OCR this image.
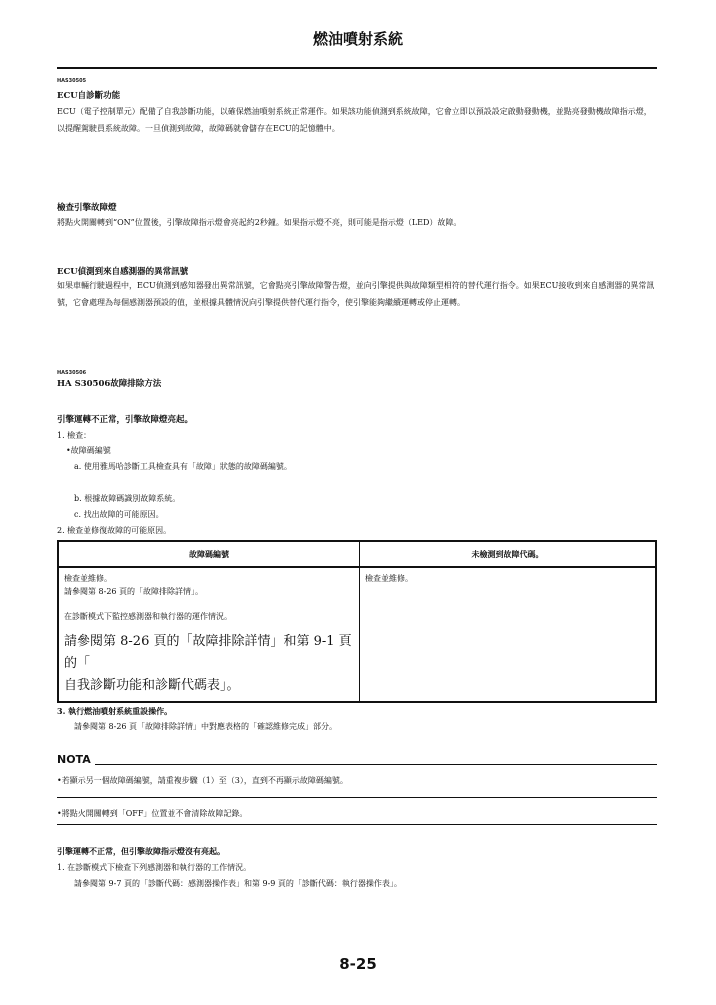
燃油噴射系統
HAS30505
ECU自診斷功能
ECU（電子控制單元）配備了自我診斷功能，以確保燃油噴射系統正常運作。如果該功能偵測到系統故障，它會立即以預設設定啟動發動機，並點亮發動機故障指示燈，以提醒駕駛員系統故障。一旦偵測到故障，故障碼就會儲存在ECU的記憶體中。
檢查引擎故障燈
將點火開關轉到“ON”位置後，引擎故障指示燈會亮起約2秒鐘。如果指示燈不亮，則可能是指示燈（LED）故障。
ECU偵測到來自感測器的異常訊號
如果車輛行駛過程中，ECU偵測到感知器發出異常訊號，它會點亮引擎故障警告燈，並向引擎提供與故障類型相符的替代運行指令。如果ECU接收到來自感測器的異常訊號，它會處理為每個感測器預設的值，並根據具體情況向引擎提供替代運行指令，使引擎能夠繼續運轉或停止運轉。
HAS30506
HA S30506故障排除方法
引擎運轉不正常，引擎故障燈亮起。
1. 檢查：
•故障碼編號
a. 使用雅馬哈診斷工具檢查具有「故障」狀態的故障碼編號。
b. 根據故障碼識別故障系統。
c. 找出故障的可能原因。
2. 檢查並修復故障的可能原因。
故障碼編號	未檢測到故障代碼。

檢查並維修。

請參閱第 8-26 頁的「故障排除詳情」。

在診斷模式下監控感測器和執行器的運作情況。

請參閱第 8-26 頁的「故障排除詳情」和第 9-1 頁的「

自我診斷功能和診斷代碼表」。	檢查並維修。

3. 執行燃油噴射系統重設操作。
請參閱第 8-26 頁「故障排除詳情」中對應表格的「確認維修完成」部分。
NOTA
•若顯示另一個故障碼編號，請重複步驟（1）至（3），直到不再顯示故障碼編號。
•將點火開關轉到「OFF」位置並不會清除故障記錄。
引擎運轉不正常，但引擎故障指示燈沒有亮起。
1. 在診斷模式下檢查下列感測器和執行器的工作情況。
請參閱第 9-7 頁的「診斷代碼：感測器操作表」和第 9-9 頁的「診斷代碼：執行器操作表」。
8-25
